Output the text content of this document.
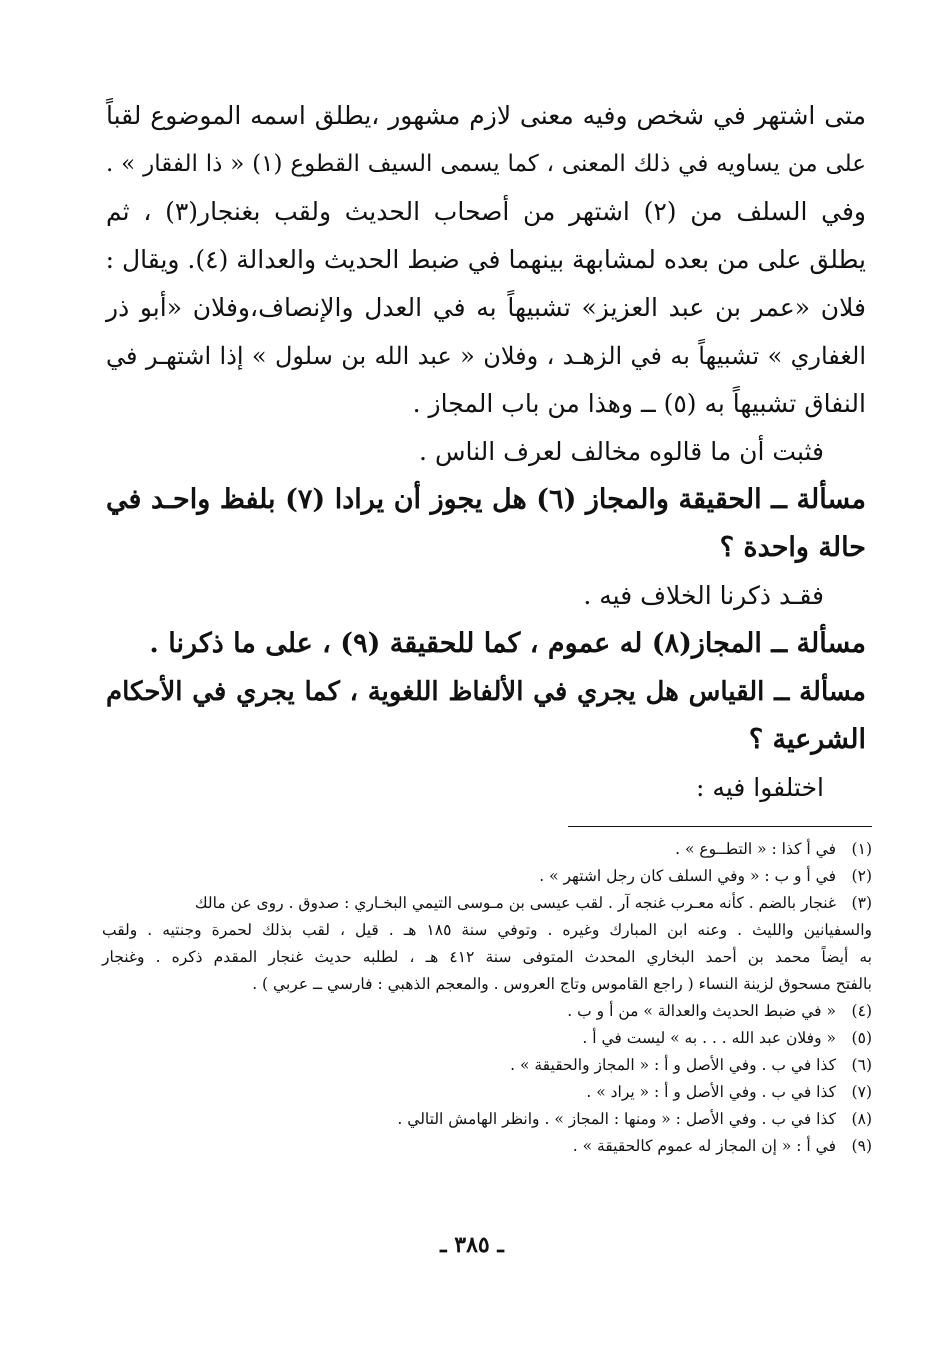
متى اشتهر في شخص وفيه معنى لازم مشهور ،يطلق اسمه الموضوع لقباً
على من يساويه في ذلك المعنى ، كما يسمى السيف القطوع (١) « ذا الفقار » .
وفي السلف من (٢) اشتهر من أصحاب الحديث ولقب بغنجار(٣) ، ثم
يطلق على من بعده لمشابهة بينهما في ضبط الحديث والعدالة (٤). ويقال :
فلان «عمر بن عبد العزيز» تشبيهاً به في العدل والإنصاف،وفلان «أبو ذر
الغفاري » تشبيهاً به في الزهـد ، وفلان « عبد الله بن سلول » إذا اشتهـر في
النفاق تشبيهاً به (٥) ــ وهذا من باب المجاز .
فثبت أن ما قالوه مخالف لعرف الناس .
مسألة ــ الحقيقة والمجاز (٦) هل يجوز أن يرادا (٧) بلفظ واحـد في
حالة واحدة ؟
فقـد ذكرنا الخلاف فيه .
مسألة ــ المجاز(٨) له عموم ، كما للحقيقة (٩) ، على ما ذكرنا .
مسألة ــ القياس هل يجري في الألفاظ اللغوية ، كما يجري في الأحكام
الشرعية ؟
اختلفوا فيه :
(١)في أ كذا : « التطــوع » .
(٢)في أ و ب : « وفي السلف كان رجل اشتهر » .
(٣)غنجار بالضم . كأنه معـرب غنجه آر . لقب عيسى بن مـوسى التيمي البخـاري : صدوق . روى عن مالك
والسفيانين والليث . وعنه ابن المبارك وغيره . وتوفي سنة ١٨٥ هـ . قيل ، لقب بذلك لحمرة وجنتيه . ولقب
به أيضاً محمد بن أحمد البخاري المحدث المتوفى سنة ٤١٢ هـ ، لطلبه حديث غنجار المقدم ذكره . وغنجار
بالفتح مسحوق لزينة النساء ( راجع القاموس وتاج العروس . والمعجم الذهبي : فارسي ــ عربي ) .
(٤)« في ضبط الحديث والعدالة » من أ و ب .
(٥)« وفلان عبد الله . . . به » ليست في أ .
(٦)كذا في ب . وفي الأصل و أ : « المجاز والحقيقة » .
(٧)كذا في ب . وفي الأصل و أ : « يراد » .
(٨)كذا في ب . وفي الأصل : « ومنها : المجاز » . وانظر الهامش التالي .
(٩)في أ : « إن المجاز له عموم كالحقيقة » .
ـ ٣٨٥ ـ
